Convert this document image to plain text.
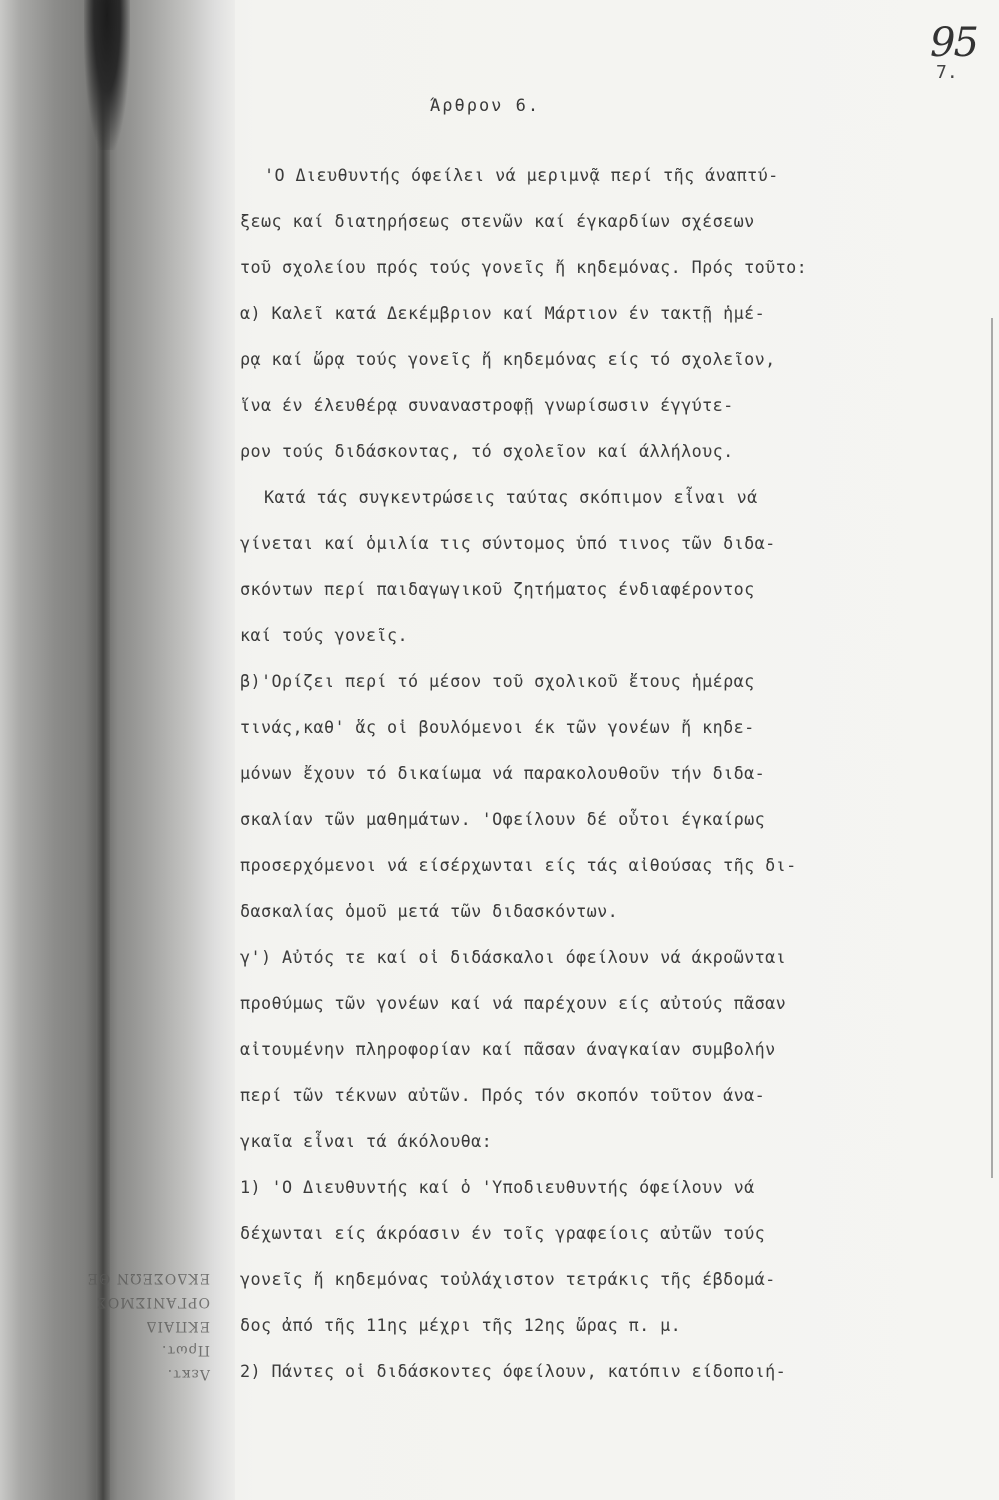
Λεκτ.
Πρωτ.
ΕΚΠΑΙΔ
ΟΡΓΑΝΙΣΜΟΣ
ΕΚΔΟΣΕΩΝ ΘΕ
95
7.
Άρθρον 6.
'Ο Διευθυντής όφείλει νά μεριμνᾷ περί τῆς άναπτύ-
ξεως καί διατηρήσεως στενῶν καί έγκαρδίων σχέσεων
τοῦ σχολείου πρός τούς γονεῖς ἤ κηδεμόνας. Πρός τοῦτο:
α) Καλεῖ κατά Δεκέμβριον καί Μάρτιον έν τακτῇ ἡμέ-
ρᾳ καί ὥρᾳ τούς γονεῖς ἤ κηδεμόνας είς τό σχολεῖον,
ἵνα έν έλευθέρᾳ συναναστροφῇ γνωρίσωσιν έγγύτε-
ρον τούς διδάσκοντας, τό σχολεῖον καί άλλήλους.
Κατά τάς συγκεντρώσεις ταύτας σκόπιμον εἶναι νά
γίνεται καί ὁμιλία τις σύντομος ὑπό τινος τῶν διδα-
σκόντων περί παιδαγωγικοῦ ζητήματος ένδιαφέροντος
καί τούς γονεῖς.
β)'Ορίζει περί τό μέσον τοῦ σχολικοῦ ἔτους ἡμέρας
τινάς,καθ' ἅς οἱ βουλόμενοι έκ τῶν γονέων ἤ κηδε-
μόνων ἔχουν τό δικαίωμα νά παρακολουθοῦν τήν διδα-
σκαλίαν τῶν μαθημάτων. 'Οφείλουν δέ οὗτοι έγκαίρως
προσερχόμενοι νά είσέρχωνται είς τάς αἰθούσας τῆς δι-
δασκαλίας ὁμοῦ μετά τῶν διδασκόντων.
γ') Αὐτός τε καί οἱ διδάσκαλοι όφείλουν νά άκροῶνται
προθύμως τῶν γονέων καί νά παρέχουν είς αὐτούς πᾶσαν
αἰτουμένην πληροφορίαν καί πᾶσαν άναγκαίαν συμβολήν
περί τῶν τέκνων αὐτῶν. Πρός τόν σκοπόν τοῦτον άνα-
γκαῖα εἶναι τά άκόλουθα:
1) 'Ο Διευθυντής καί ὁ 'Υποδιευθυντής όφείλουν νά
δέχωνται είς άκρόασιν έν τοῖς γραφείοις αὐτῶν τούς
γονεῖς ἤ κηδεμόνας τοὐλάχιστον τετράκις τῆς έβδομά-
δος ἀπό τῆς 11ης μέχρι τῆς 12ης ὥρας π. μ.
2) Πάντες οἱ διδάσκοντες όφείλουν, κατόπιν είδοποιή-
